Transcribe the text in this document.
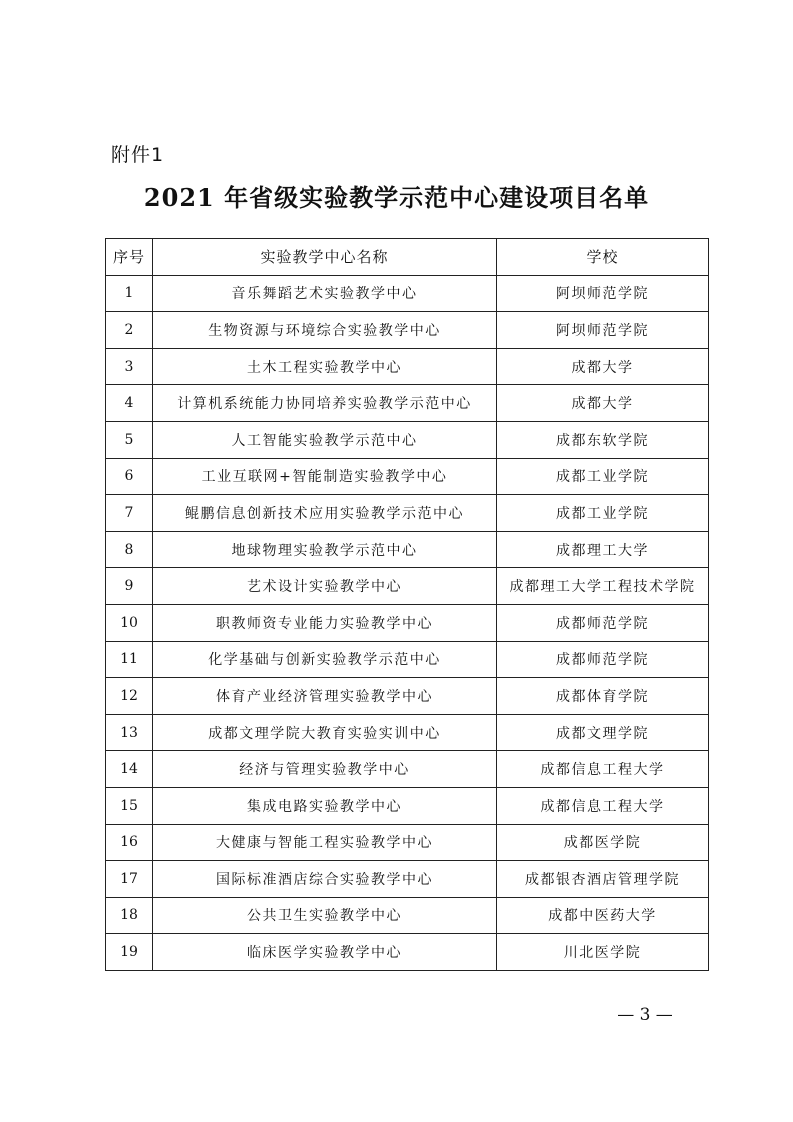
附件1
2021 年省级实验教学示范中心建设项目名单
序号	实验教学中心名称	学校
1	音乐舞蹈艺术实验教学中心	阿坝师范学院
2	生物资源与环境综合实验教学中心	阿坝师范学院
3	土木工程实验教学中心	成都大学
4	计算机系统能力协同培养实验教学示范中心	成都大学
5	人工智能实验教学示范中心	成都东软学院
6	工业互联网+智能制造实验教学中心	成都工业学院
7	鲲鹏信息创新技术应用实验教学示范中心	成都工业学院
8	地球物理实验教学示范中心	成都理工大学
9	艺术设计实验教学中心	成都理工大学工程技术学院
10	职教师资专业能力实验教学中心	成都师范学院
11	化学基础与创新实验教学示范中心	成都师范学院
12	体育产业经济管理实验教学中心	成都体育学院
13	成都文理学院大教育实验实训中心	成都文理学院
14	经济与管理实验教学中心	成都信息工程大学
15	集成电路实验教学中心	成都信息工程大学
16	大健康与智能工程实验教学中心	成都医学院
17	国际标准酒店综合实验教学中心	成都银杏酒店管理学院
18	公共卫生实验教学中心	成都中医药大学
19	临床医学实验教学中心	川北医学院
— 3 —
